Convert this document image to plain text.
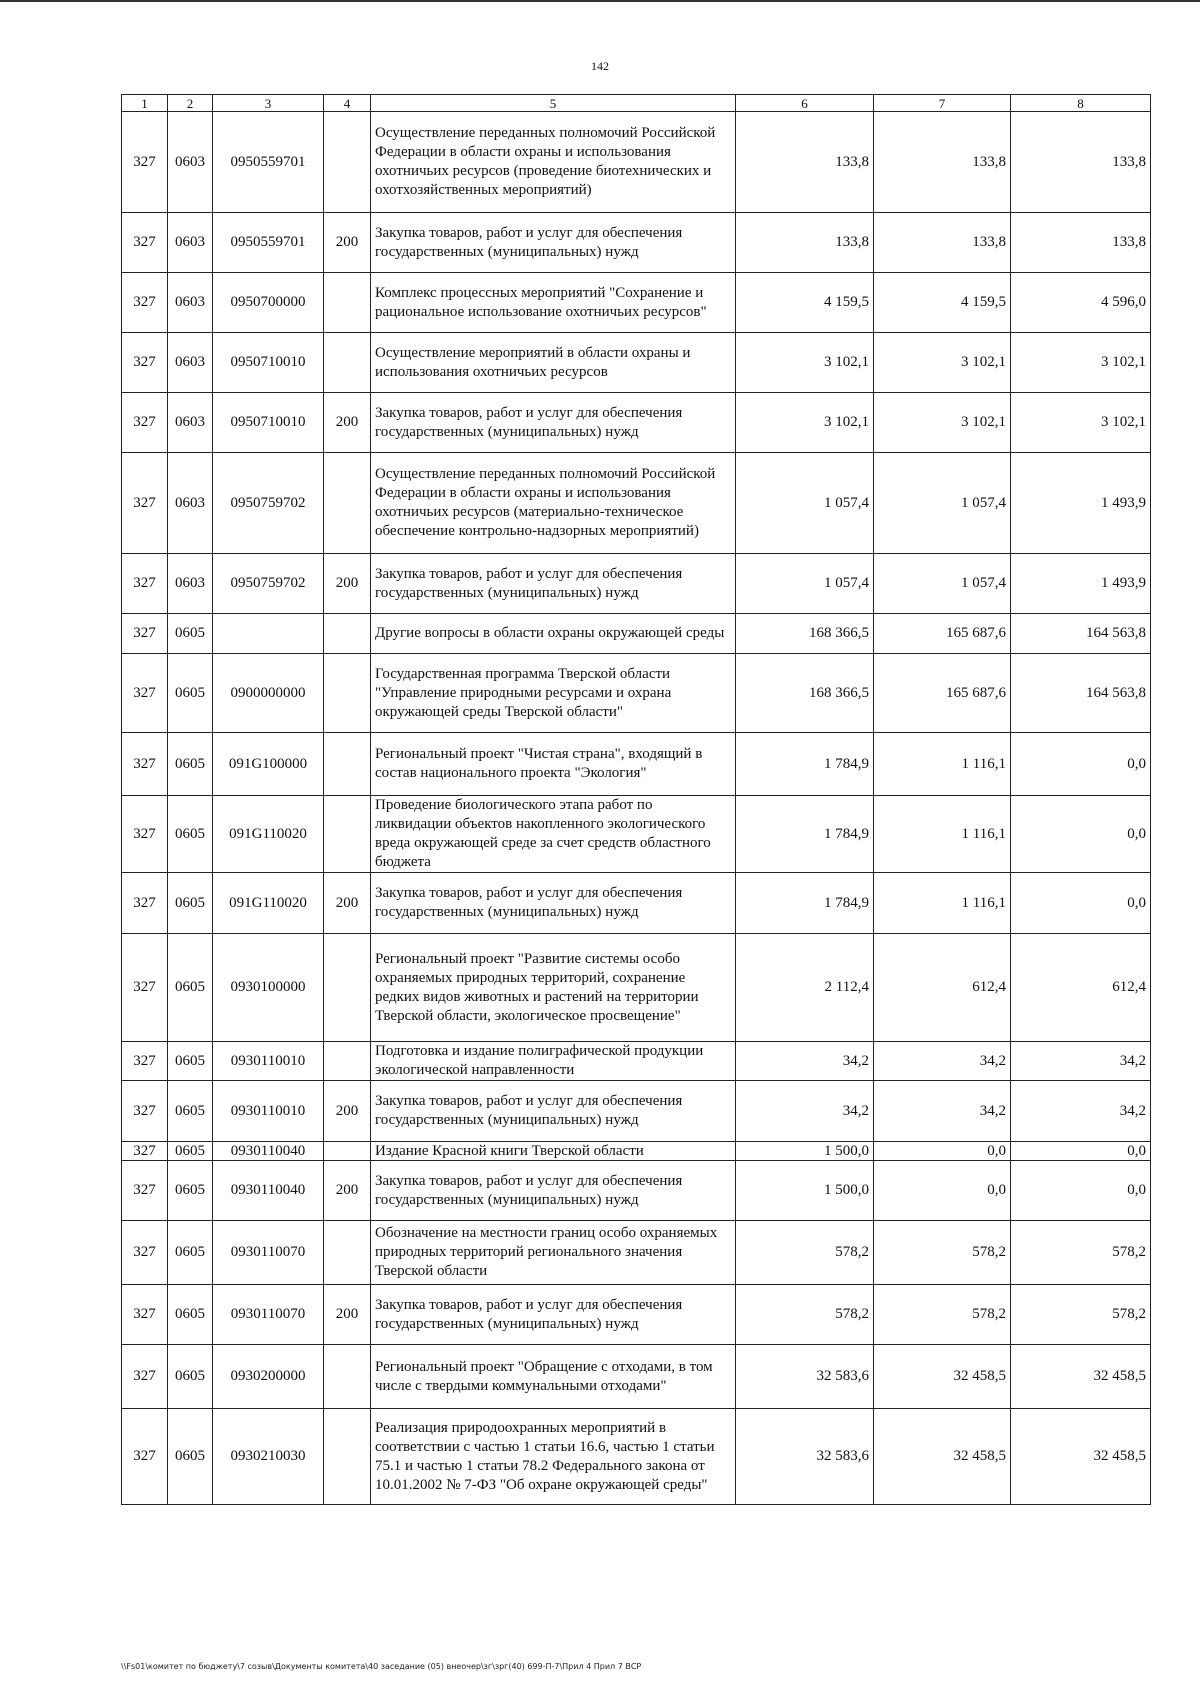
142
1	2	3	4	5	6	7	8
327	0603	0950559701		Осуществление переданных полномочий Российской Федерации в области охраны и использования охотничьих ресурсов (проведение биотехнических и охотхозяйственных мероприятий)	133,8	133,8	133,8
327	0603	0950559701	200	Закупка товаров, работ и услуг для обеспечения государственных (муниципальных) нужд	133,8	133,8	133,8
327	0603	0950700000		Комплекс процессных мероприятий "Сохранение и рациональное использование охотничьих ресурсов"	4 159,5	4 159,5	4 596,0
327	0603	0950710010		Осуществление мероприятий в области охраны и использования охотничьих ресурсов	3 102,1	3 102,1	3 102,1
327	0603	0950710010	200	Закупка товаров, работ и услуг для обеспечения государственных (муниципальных) нужд	3 102,1	3 102,1	3 102,1
327	0603	0950759702		Осуществление переданных полномочий Российской Федерации в области охраны и использования охотничьих ресурсов (материально-техническое обеспечение контрольно-надзорных мероприятий)	1 057,4	1 057,4	1 493,9
327	0603	0950759702	200	Закупка товаров, работ и услуг для обеспечения государственных (муниципальных) нужд	1 057,4	1 057,4	1 493,9
327	0605			Другие вопросы в области охраны окружающей среды	168 366,5	165 687,6	164 563,8
327	0605	0900000000		Государственная программа Тверской области "Управление природными ресурсами и охрана окружающей среды Тверской области"	168 366,5	165 687,6	164 563,8
327	0605	091G100000		Региональный проект "Чистая страна", входящий в состав национального проекта "Экология"	1 784,9	1 116,1	0,0
327	0605	091G110020		Проведение биологического этапа работ по ликвидации объектов накопленного экологического вреда окружающей среде за счет средств областного бюджета	1 784,9	1 116,1	0,0
327	0605	091G110020	200	Закупка товаров, работ и услуг для обеспечения государственных (муниципальных) нужд	1 784,9	1 116,1	0,0
327	0605	0930100000		Региональный проект "Развитие системы особо охраняемых природных территорий, сохранение редких видов животных и растений на территории Тверской области, экологическое просвещение"	2 112,4	612,4	612,4
327	0605	0930110010		Подготовка и издание полиграфической продукции экологической направленности	34,2	34,2	34,2
327	0605	0930110010	200	Закупка товаров, работ и услуг для обеспечения государственных (муниципальных) нужд	34,2	34,2	34,2
327	0605	0930110040		Издание Красной книги Тверской области	1 500,0	0,0	0,0
327	0605	0930110040	200	Закупка товаров, работ и услуг для обеспечения государственных (муниципальных) нужд	1 500,0	0,0	0,0
327	0605	0930110070		Обозначение на местности границ особо охраняемых природных территорий регионального значения Тверской области	578,2	578,2	578,2
327	0605	0930110070	200	Закупка товаров, работ и услуг для обеспечения государственных (муниципальных) нужд	578,2	578,2	578,2
327	0605	0930200000		Региональный проект "Обращение с отходами, в том числе с твердыми коммунальными отходами"	32 583,6	32 458,5	32 458,5
327	0605	0930210030		Реализация природоохранных мероприятий в соответствии с частью 1 статьи 16.6, частью 1 статьи 75.1 и частью 1 статьи 78.2 Федерального закона от 10.01.2002 № 7-ФЗ "Об охране окружающей среды"	32 583,6	32 458,5	32 458,5
\\Fs01\комитет по бюджету\7 созыв\Документы комитета\40 заседание (05) внеочер\зг\зрг(40) 699-П-7\Прил 4 Прил 7 ВСР
